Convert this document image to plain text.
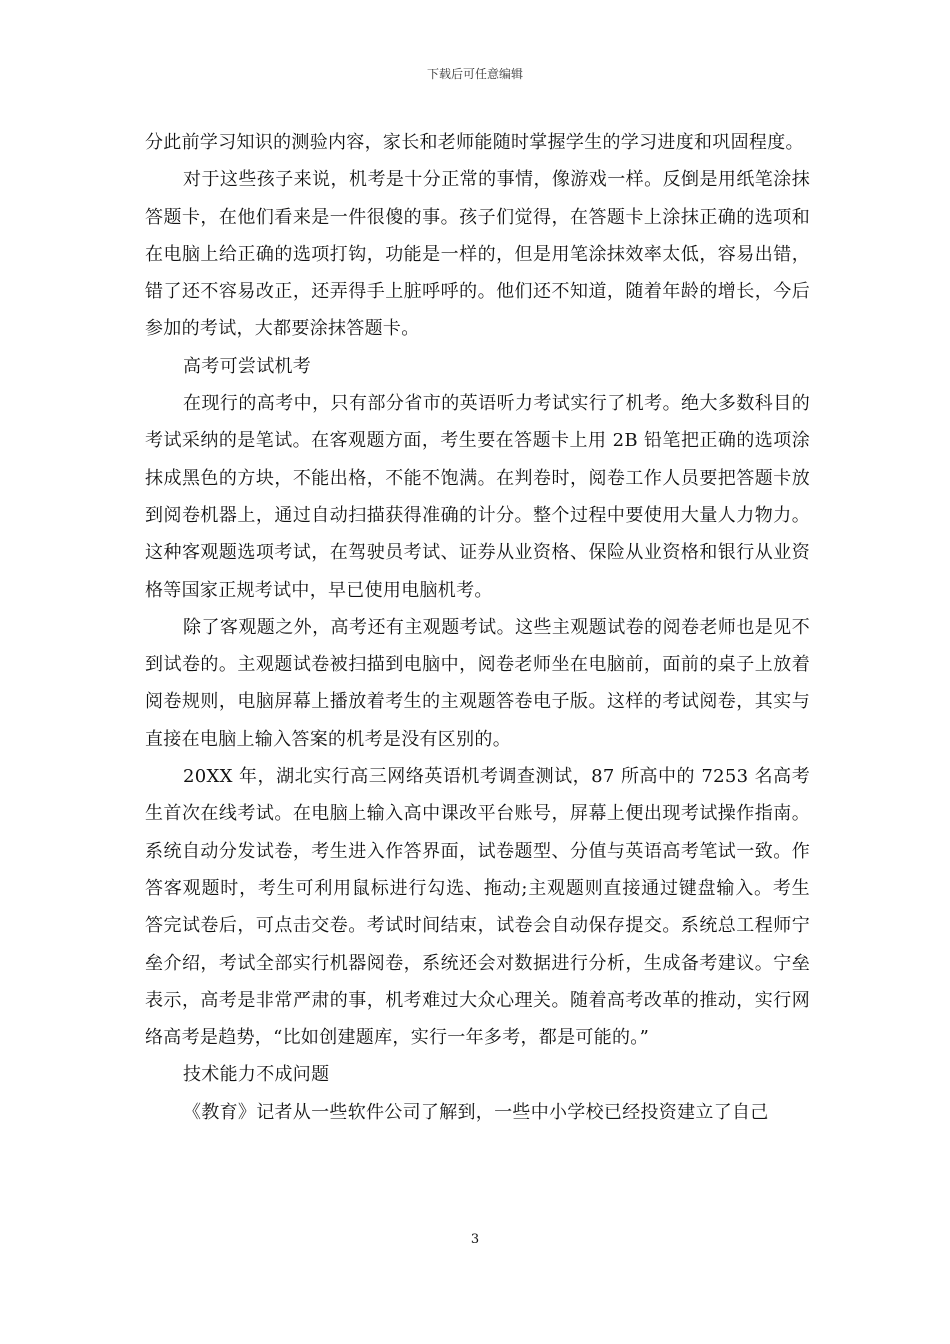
下载后可任意编辑

分此前学习知识的测验内容，家长和老师能随时掌握学生的学习进度和巩固程度。

对于这些孩子来说，机考是十分正常的事情，像游戏一样。反倒是用纸笔涂抹答题卡，在他们看来是一件很傻的事。孩子们觉得，在答题卡上涂抹正确的选项和在电脑上给正确的选项打钩，功能是一样的，但是用笔涂抹效率太低，容易出错，错了还不容易改正，还弄得手上脏呼呼的。他们还不知道，随着年龄的增长，今后参加的考试，大都要涂抹答题卡。

高考可尝试机考

在现行的高考中，只有部分省市的英语听力考试实行了机考。绝大多数科目的考试采纳的是笔试。在客观题方面，考生要在答题卡上用 2B 铅笔把正确的选项涂抹成黑色的方块，不能出格，不能不饱满。在判卷时，阅卷工作人员要把答题卡放到阅卷机器上，通过自动扫描获得准确的计分。整个过程中要使用大量人力物力。这种客观题选项考试，在驾驶员考试、证券从业资格、保险从业资格和银行从业资格等国家正规考试中，早已使用电脑机考。

除了客观题之外，高考还有主观题考试。这些主观题试卷的阅卷老师也是见不到试卷的。主观题试卷被扫描到电脑中，阅卷老师坐在电脑前，面前的桌子上放着阅卷规则，电脑屏幕上播放着考生的主观题答卷电子版。这样的考试阅卷，其实与直接在电脑上输入答案的机考是没有区别的。

20XX 年，湖北实行高三网络英语机考调查测试，87 所高中的 7253 名高考生首次在线考试。在电脑上输入高中课改平台账号，屏幕上便出现考试操作指南。系统自动分发试卷，考生进入作答界面，试卷题型、分值与英语高考笔试一致。作答客观题时，考生可利用鼠标进行勾选、拖动;主观题则直接通过键盘输入。考生答完试卷后，可点击交卷。考试时间结束，试卷会自动保存提交。系统总工程师宁垒介绍，考试全部实行机器阅卷，系统还会对数据进行分析，生成备考建议。宁垒表示，高考是非常严肃的事，机考难过大众心理关。随着高考改革的推动，实行网络高考是趋势，“比如创建题库，实行一年多考，都是可能的。”

技术能力不成问题

《教育》记者从一些软件公司了解到，一些中小学校已经投资建立了自己

3
